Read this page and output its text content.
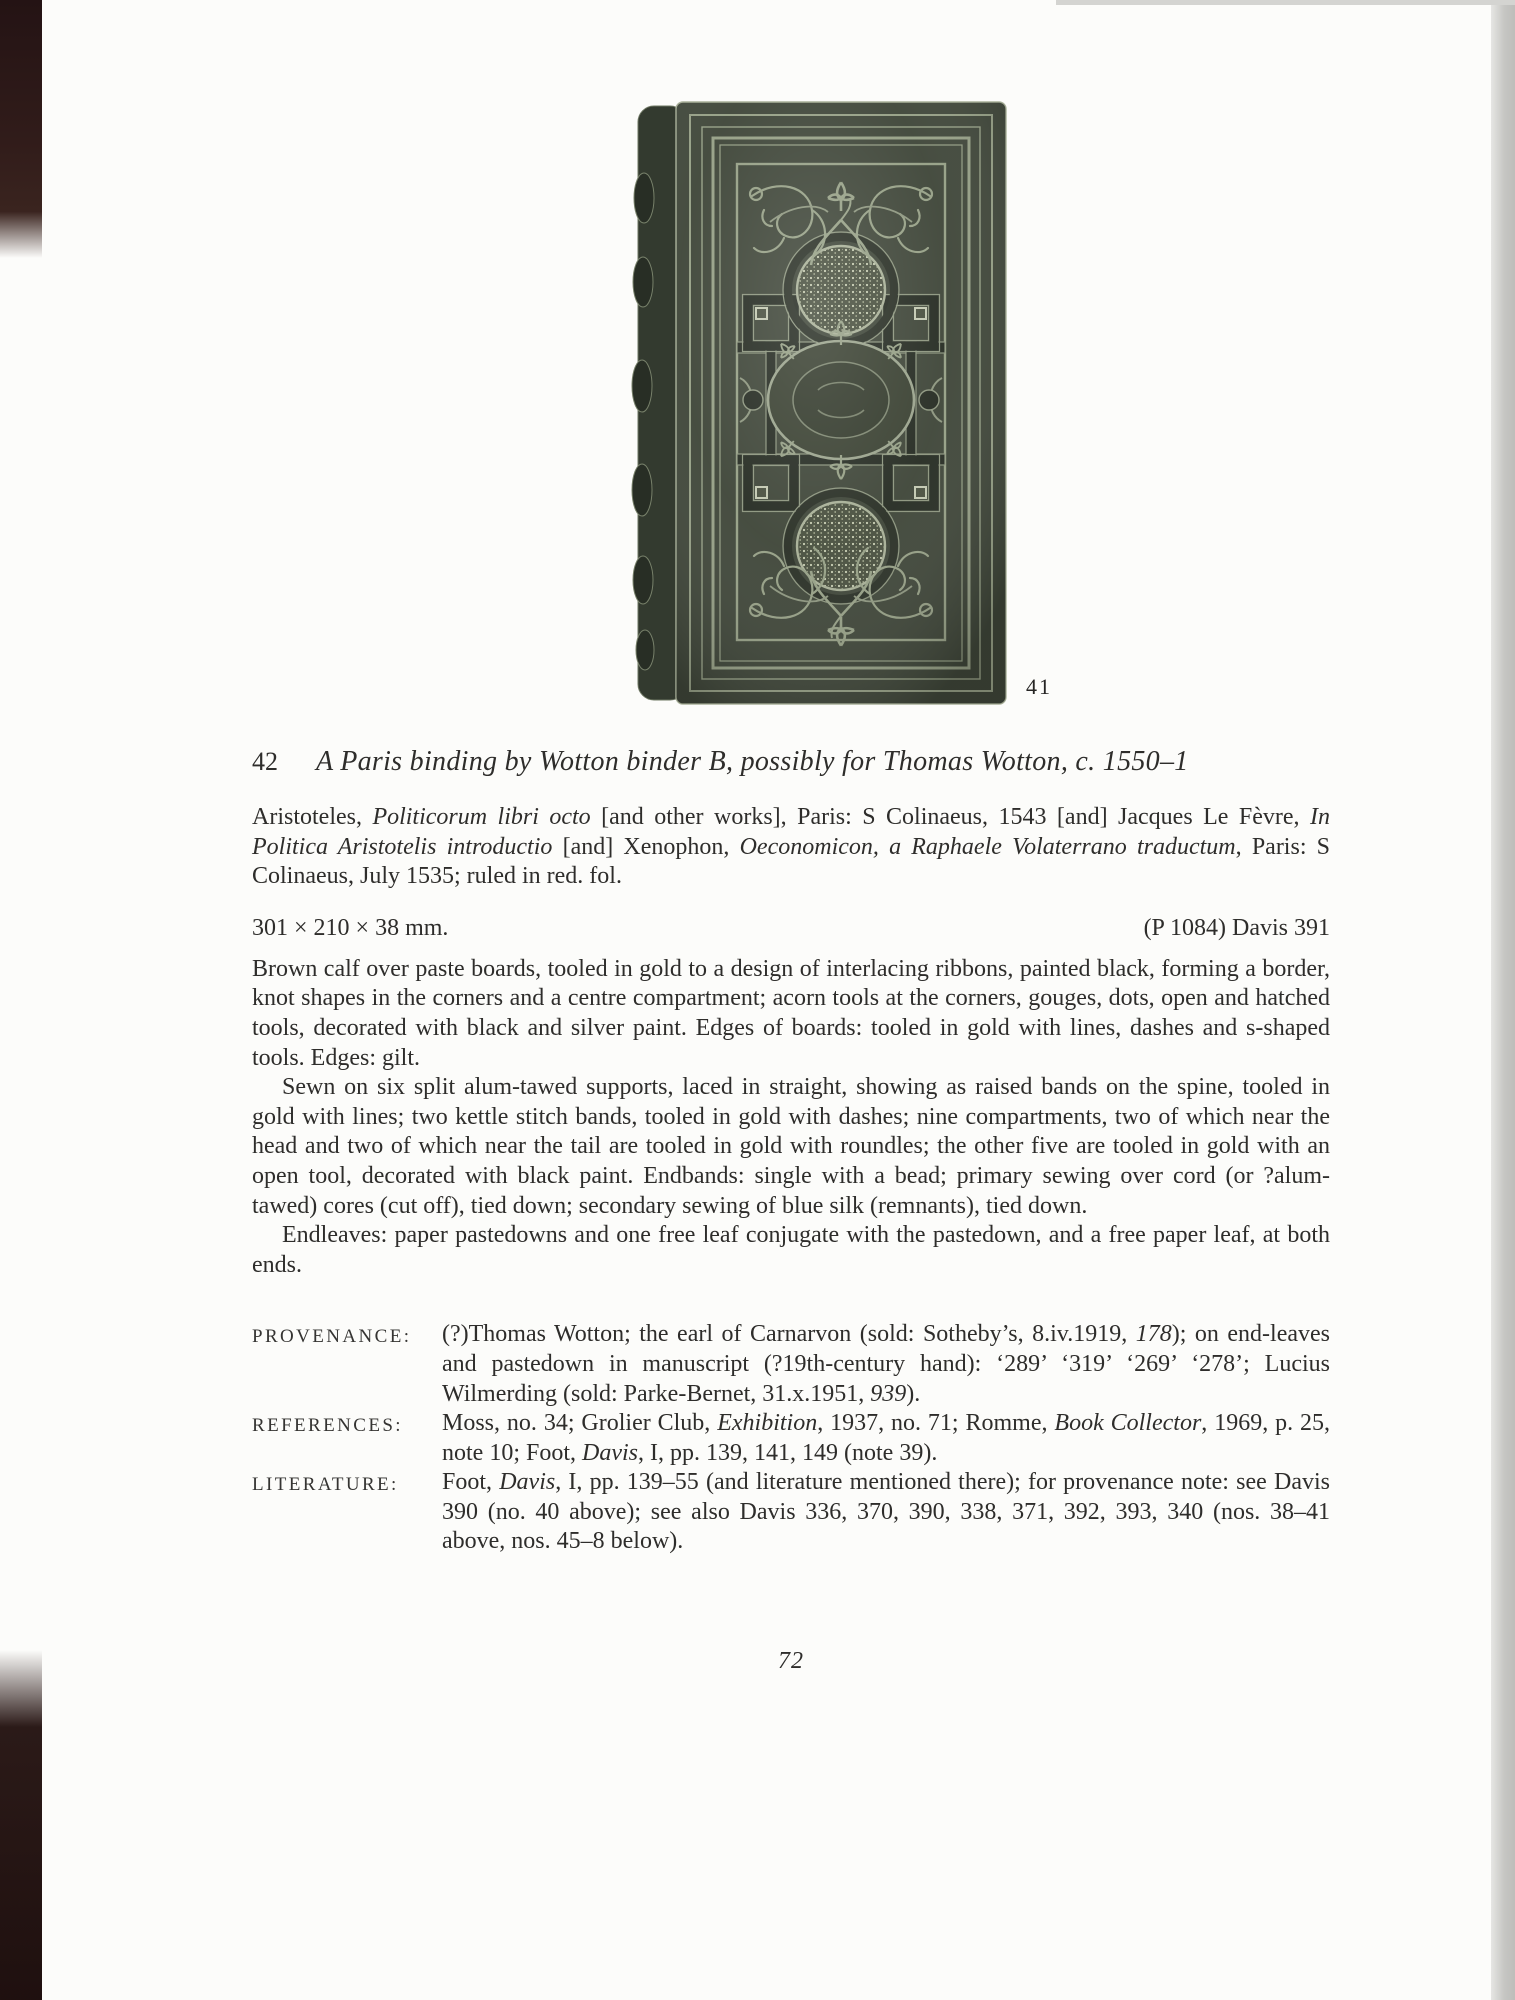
41
42	A Paris binding by Wotton binder B, possibly for Thomas Wotton, c. 1550–1

Aristoteles, Politicorum libri octo [and other works], Paris: S Colinaeus, 1543 [and] Jacques Le Fèvre, In Politica Aristotelis introductio [and] Xenophon, Oeconomicon, a Raphaele Volaterrano traductum, Paris: S Colinaeus, July 1535; ruled in red. fol.

301 × 210 × 38 mm.	(P 1084) Davis 391

Brown calf over paste boards, tooled in gold to a design of interlacing ribbons, painted black, forming a border, knot shapes in the corners and a centre compartment; acorn tools at the corners, gouges, dots, open and hatched tools, decorated with black and silver paint. Edges of boards: tooled in gold with lines, dashes and s-shaped tools. Edges: gilt.

Sewn on six split alum-tawed supports, laced in straight, showing as raised bands on the spine, tooled in gold with lines; two kettle stitch bands, tooled in gold with dashes; nine compartments, two of which near the head and two of which near the tail are tooled in gold with roundles; the other five are tooled in gold with an open tool, decorated with black paint. Endbands: single with a bead; primary sewing over cord (or ?alum-tawed) cores (cut off), tied down; secondary sewing of blue silk (remnants), tied down.

Endleaves: paper pastedowns and one free leaf conjugate with the pastedown, and a free paper leaf, at both ends.

PROVENANCE:	(?)Thomas Wotton; the earl of Carnarvon (sold: Sotheby’s, 8.iv.1919, 178); on end-leaves and pastedown in manuscript (?19th-century hand): ‘289’ ‘319’ ‘269’ ‘278’; Lucius Wilmerding (sold: Parke-Bernet, 31.x.1951, 939).
REFERENCES:	Moss, no. 34; Grolier Club, Exhibition, 1937, no. 71; Romme, Book Collector, 1969, p. 25, note 10; Foot, Davis, I, pp. 139, 141, 149 (note 39).
LITERATURE:	Foot, Davis, I, pp. 139–55 (and literature mentioned there); for provenance note: see Davis 390 (no. 40 above); see also Davis 336, 370, 390, 338, 371, 392, 393, 340 (nos. 38–41 above, nos. 45–8 below).
72
